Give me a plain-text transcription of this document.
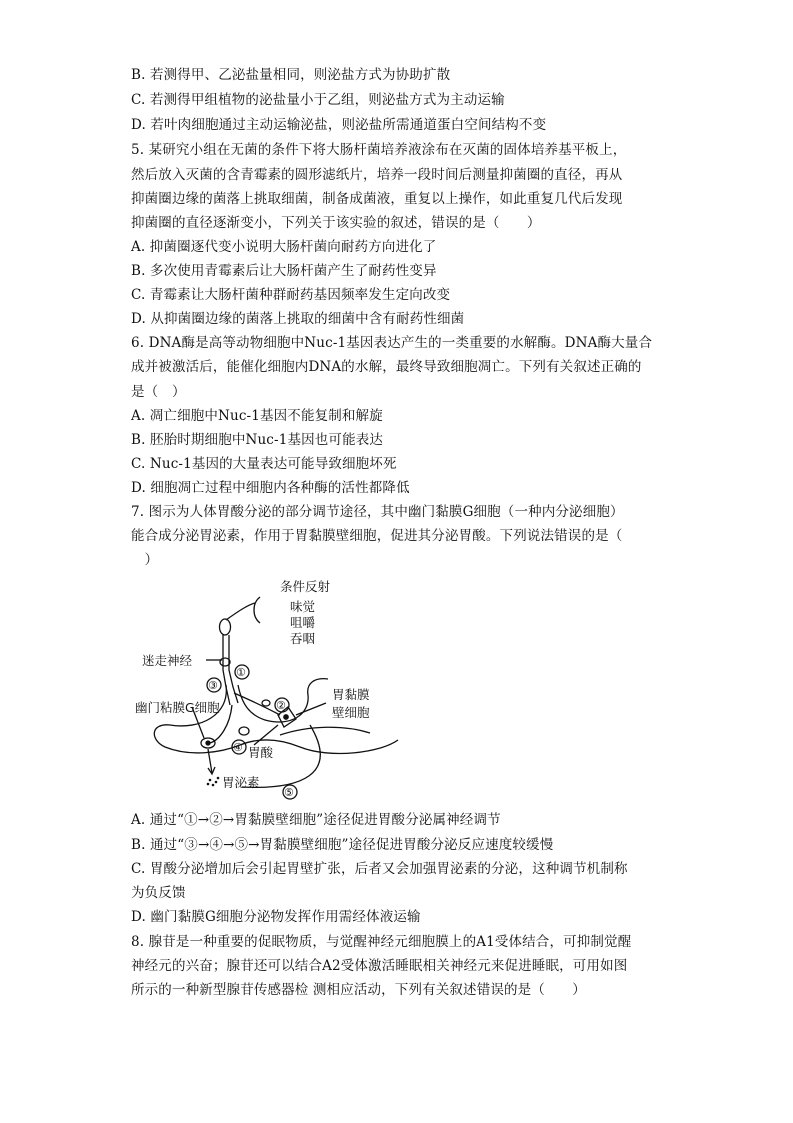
B. 若测得甲、乙泌盐量相同，则泌盐方式为协助扩散
C. 若测得甲组植物的泌盐量小于乙组，则泌盐方式为主动运输
D. 若叶肉细胞通过主动运输泌盐，则泌盐所需通道蛋白空间结构不变
5. 某研究小组在无菌的条件下将大肠杆菌培养液涂布在灭菌的固体培养基平板上，
然后放入灭菌的含青霉素的圆形滤纸片，培养一段时间后测量抑菌圈的直径，再从
抑菌圈边缘的菌落上挑取细菌，制备成菌液，重复以上操作，如此重复几代后发现
抑菌圈的直径逐渐变小，下列关于该实验的叙述，错误的是（　　）
A. 抑菌圈逐代变小说明大肠杆菌向耐药方向进化了
B. 多次使用青霉素后让大肠杆菌产生了耐药性变异
C. 青霉素让大肠杆菌种群耐药基因频率发生定向改变
D. 从抑菌圈边缘的菌落上挑取的细菌中含有耐药性细菌
6. DNA酶是高等动物细胞中Nuc-1基因表达产生的一类重要的水解酶。DNA酶大量合
成并被激活后，能催化细胞内DNA的水解，最终导致细胞凋亡。下列有关叙述正确的
是（　）
A. 凋亡细胞中Nuc-1基因不能复制和解旋
B. 胚胎时期细胞中Nuc-1基因也可能表达
C. Nuc-1基因的大量表达可能导致细胞坏死
D. 细胞凋亡过程中细胞内各种酶的活性都降低
7. 图示为人体胃酸分泌的部分调节途径，其中幽门黏膜G细胞（一种内分泌细胞）
能合成分泌胃泌素，作用于胃黏膜壁细胞，促进其分泌胃酸。下列说法错误的是（
　）
条件反射
味觉
咀嚼
吞咽
迷走神经
幽门粘膜G细胞
胃黏膜
壁细胞
胃酸
胃泌素
①
②
③
④
⑤
A. 通过“①→②→胃黏膜壁细胞”途径促进胃酸分泌属神经调节
B. 通过“③→④→⑤→胃黏膜壁细胞”途径促进胃酸分泌反应速度较缓慢
C. 胃酸分泌增加后会引起胃壁扩张，后者又会加强胃泌素的分泌，这种调节机制称
为负反馈
D. 幽门黏膜G细胞分泌物发挥作用需经体液运输
8. 腺苷是一种重要的促眠物质，与觉醒神经元细胞膜上的A1受体结合，可抑制觉醒
神经元的兴奋；腺苷还可以结合A2受体激活睡眠相关神经元来促进睡眠，可用如图
所示的一种新型腺苷传感器检 测相应活动，下列有关叙述错误的是（　　）
